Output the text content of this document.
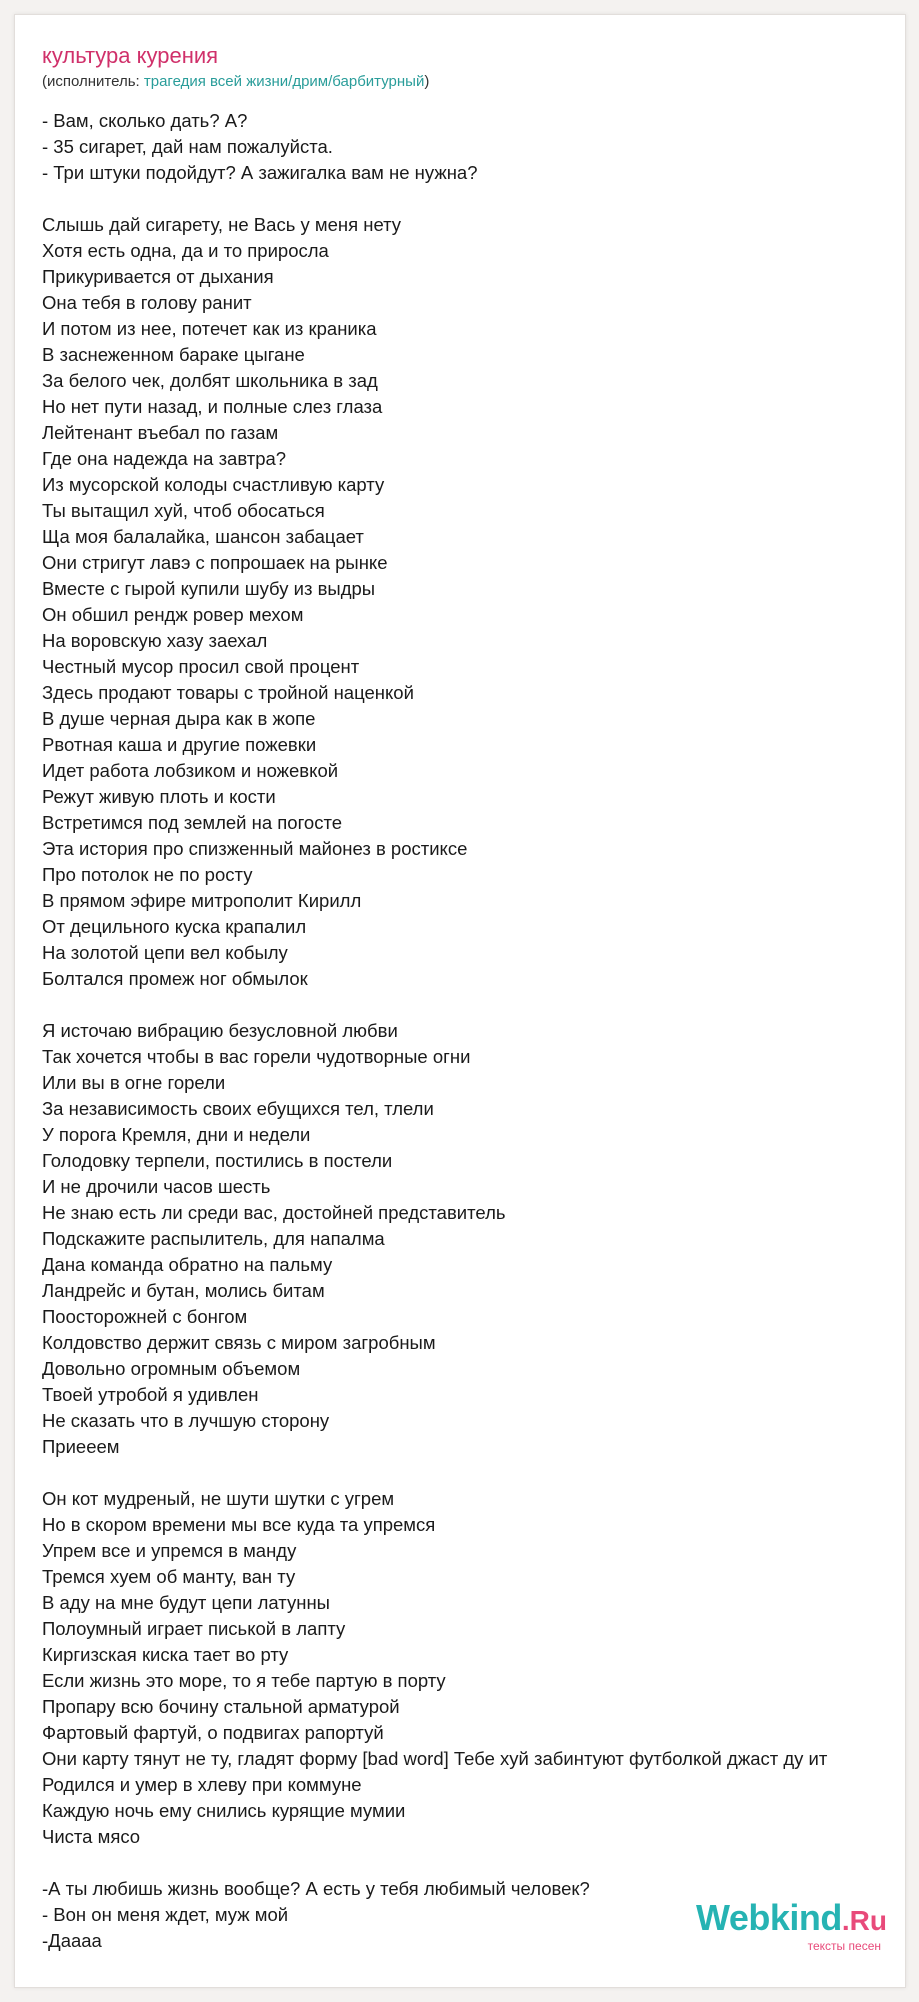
культура курения
(исполнитель: трагедия всей жизни/дрим/барбитурный)
- Вам, сколько дать? А?
- 35 сигарет, дай нам пожалуйста.
- Три штуки подойдут? А зажигалка вам не нужна?
Слышь дай сигарету, не Вась у меня нету
Хотя есть одна, да и то приросла
Прикуривается от дыхания
Она тебя в голову ранит
И потом из нее, потечет как из краника
В заснеженном бараке цыгане
За белого чек, долбят школьника в зад
Но нет пути назад, и полные слез глаза
Лейтенант въебал по газам
Где она надежда на завтра?
Из мусорской колоды счастливую карту
Ты вытащил хуй, чтоб обосаться
Ща моя балалайка, шансон забацает
Они стригут лавэ с попрошаек на рынке
Вместе с гырой купили шубу из выдры
Он обшил рендж ровер мехом
На воровскую хазу заехал
Честный мусор просил свой процент
Здесь продают товары с тройной наценкой
В душе черная дыра как в жопе
Рвотная каша и другие пожевки
Идет работа лобзиком и ножевкой
Режут живую плоть и кости
Встретимся под землей на погосте
Эта история про спизженный майонез в ростиксе
Про потолок не по росту
В прямом эфире митрополит Кирилл
От децильного куска крапалил
На золотой цепи вел кобылу
Болтался промеж ног обмылок
Я источаю вибрацию безусловной любви
Так хочется чтобы в вас горели чудотворные огни
Или вы в огне горели
За независимость своих ебущихся тел, тлели
У порога Кремля, дни и недели
Голодовку терпели, постились в постели
И не дрочили часов шесть
Не знаю есть ли среди вас, достойней представитель
Подскажите распылитель, для напалма
Дана команда обратно на пальму
Ландрейс и бутан, молись битам
Поосторожней с бонгом
Колдовство держит связь с миром загробным
Довольно огромным объемом
Твоей утробой я удивлен
Не сказать что в лучшую сторону
Приееем
Он кот мудреный, не шути шутки с угрем
Но в скором времени мы все куда та упремся
Упрем все и упремся в манду
Тремся хуем об манту, ван ту
В аду на мне будут цепи латунны
Полоумный играет писькой в лапту
Киргизская киска тает во рту
Если жизнь это море, то я тебе партую в порту
Пропару всю бочину стальной арматурой
Фартовый фартуй, о подвигах рапортуй
Они карту тянут не ту, гладят форму [bad word] Тебе хуй забинтуют футболкой джаст ду ит
Родился и умер в хлеву при коммуне
Каждую ночь ему снились курящие мумии
Чиста мясо
-А ты любишь жизнь вообще? А есть у тебя любимый человек?
- Вон он меня ждет, муж мой
-Даааа
Webkind.Ru
тексты песен
